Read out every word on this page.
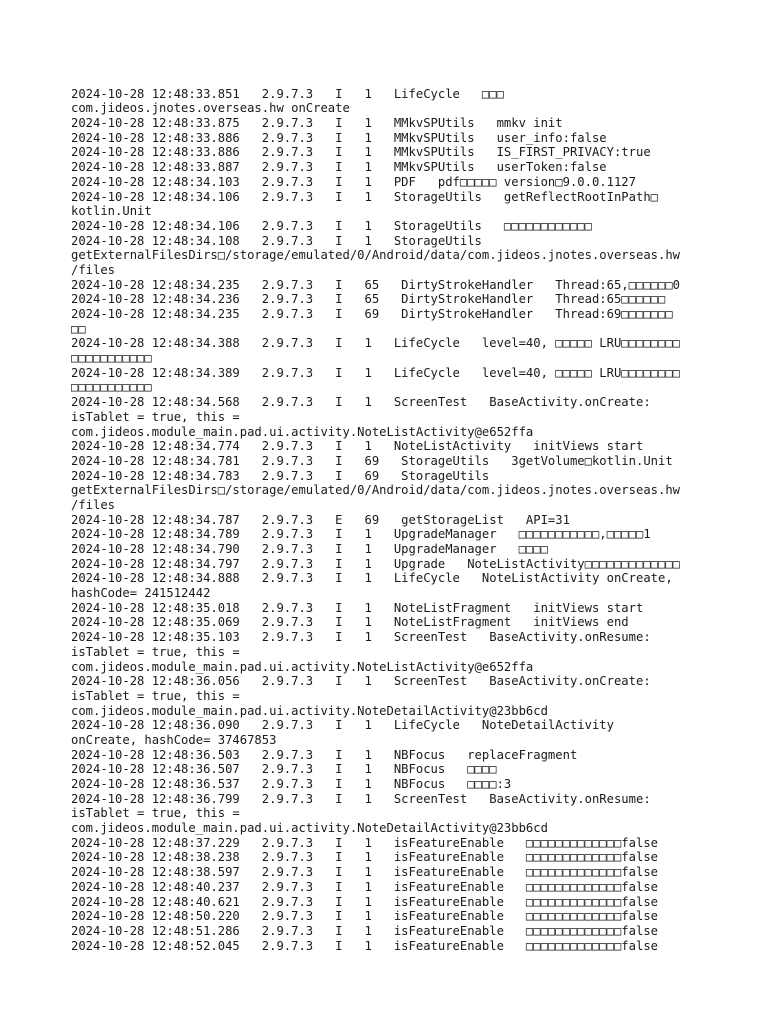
2024-10-28 12:48:33.851   2.9.7.3   I   1   LifeCycle   □□□
com.jideos.jnotes.overseas.hw onCreate
2024-10-28 12:48:33.875   2.9.7.3   I   1   MMkvSPUtils   mmkv init
2024-10-28 12:48:33.886   2.9.7.3   I   1   MMkvSPUtils   user_info:false
2024-10-28 12:48:33.886   2.9.7.3   I   1   MMkvSPUtils   IS_FIRST_PRIVACY:true
2024-10-28 12:48:33.887   2.9.7.3   I   1   MMkvSPUtils   userToken:false
2024-10-28 12:48:34.103   2.9.7.3   I   1   PDF   pdf□□□□□ version□9.0.0.1127
2024-10-28 12:48:34.106   2.9.7.3   I   1   StorageUtils   getReflectRootInPath□
kotlin.Unit
2024-10-28 12:48:34.106   2.9.7.3   I   1   StorageUtils   □□□□□□□□□□□□
2024-10-28 12:48:34.108   2.9.7.3   I   1   StorageUtils
getExternalFilesDirs□/storage/emulated/0/Android/data/com.jideos.jnotes.overseas.hw
/files
2024-10-28 12:48:34.235   2.9.7.3   I   65   DirtyStrokeHandler   Thread:65,□□□□□□0
2024-10-28 12:48:34.236   2.9.7.3   I   65   DirtyStrokeHandler   Thread:65□□□□□□
2024-10-28 12:48:34.235   2.9.7.3   I   69   DirtyStrokeHandler   Thread:69□□□□□□□
□□
2024-10-28 12:48:34.388   2.9.7.3   I   1   LifeCycle   level=40, □□□□□ LRU□□□□□□□□
□□□□□□□□□□□
2024-10-28 12:48:34.389   2.9.7.3   I   1   LifeCycle   level=40, □□□□□ LRU□□□□□□□□
□□□□□□□□□□□
2024-10-28 12:48:34.568   2.9.7.3   I   1   ScreenTest   BaseActivity.onCreate:
isTablet = true, this =
com.jideos.module_main.pad.ui.activity.NoteListActivity@e652ffa
2024-10-28 12:48:34.774   2.9.7.3   I   1   NoteListActivity   initViews start
2024-10-28 12:48:34.781   2.9.7.3   I   69   StorageUtils   3getVolume□kotlin.Unit
2024-10-28 12:48:34.783   2.9.7.3   I   69   StorageUtils
getExternalFilesDirs□/storage/emulated/0/Android/data/com.jideos.jnotes.overseas.hw
/files
2024-10-28 12:48:34.787   2.9.7.3   E   69   getStorageList   API=31
2024-10-28 12:48:34.789   2.9.7.3   I   1   UpgradeManager   □□□□□□□□□□□,□□□□□1
2024-10-28 12:48:34.790   2.9.7.3   I   1   UpgradeManager   □□□□
2024-10-28 12:48:34.797   2.9.7.3   I   1   Upgrade   NoteListActivity□□□□□□□□□□□□□
2024-10-28 12:48:34.888   2.9.7.3   I   1   LifeCycle   NoteListActivity onCreate,
hashCode= 241512442
2024-10-28 12:48:35.018   2.9.7.3   I   1   NoteListFragment   initViews start
2024-10-28 12:48:35.069   2.9.7.3   I   1   NoteListFragment   initViews end
2024-10-28 12:48:35.103   2.9.7.3   I   1   ScreenTest   BaseActivity.onResume:
isTablet = true, this =
com.jideos.module_main.pad.ui.activity.NoteListActivity@e652ffa
2024-10-28 12:48:36.056   2.9.7.3   I   1   ScreenTest   BaseActivity.onCreate:
isTablet = true, this =
com.jideos.module_main.pad.ui.activity.NoteDetailActivity@23bb6cd
2024-10-28 12:48:36.090   2.9.7.3   I   1   LifeCycle   NoteDetailActivity
onCreate, hashCode= 37467853
2024-10-28 12:48:36.503   2.9.7.3   I   1   NBFocus   replaceFragment
2024-10-28 12:48:36.507   2.9.7.3   I   1   NBFocus   □□□□
2024-10-28 12:48:36.537   2.9.7.3   I   1   NBFocus   □□□□:3
2024-10-28 12:48:36.799   2.9.7.3   I   1   ScreenTest   BaseActivity.onResume:
isTablet = true, this =
com.jideos.module_main.pad.ui.activity.NoteDetailActivity@23bb6cd
2024-10-28 12:48:37.229   2.9.7.3   I   1   isFeatureEnable   □□□□□□□□□□□□□false
2024-10-28 12:48:38.238   2.9.7.3   I   1   isFeatureEnable   □□□□□□□□□□□□□false
2024-10-28 12:48:38.597   2.9.7.3   I   1   isFeatureEnable   □□□□□□□□□□□□□false
2024-10-28 12:48:40.237   2.9.7.3   I   1   isFeatureEnable   □□□□□□□□□□□□□false
2024-10-28 12:48:40.621   2.9.7.3   I   1   isFeatureEnable   □□□□□□□□□□□□□false
2024-10-28 12:48:50.220   2.9.7.3   I   1   isFeatureEnable   □□□□□□□□□□□□□false
2024-10-28 12:48:51.286   2.9.7.3   I   1   isFeatureEnable   □□□□□□□□□□□□□false
2024-10-28 12:48:52.045   2.9.7.3   I   1   isFeatureEnable   □□□□□□□□□□□□□false
